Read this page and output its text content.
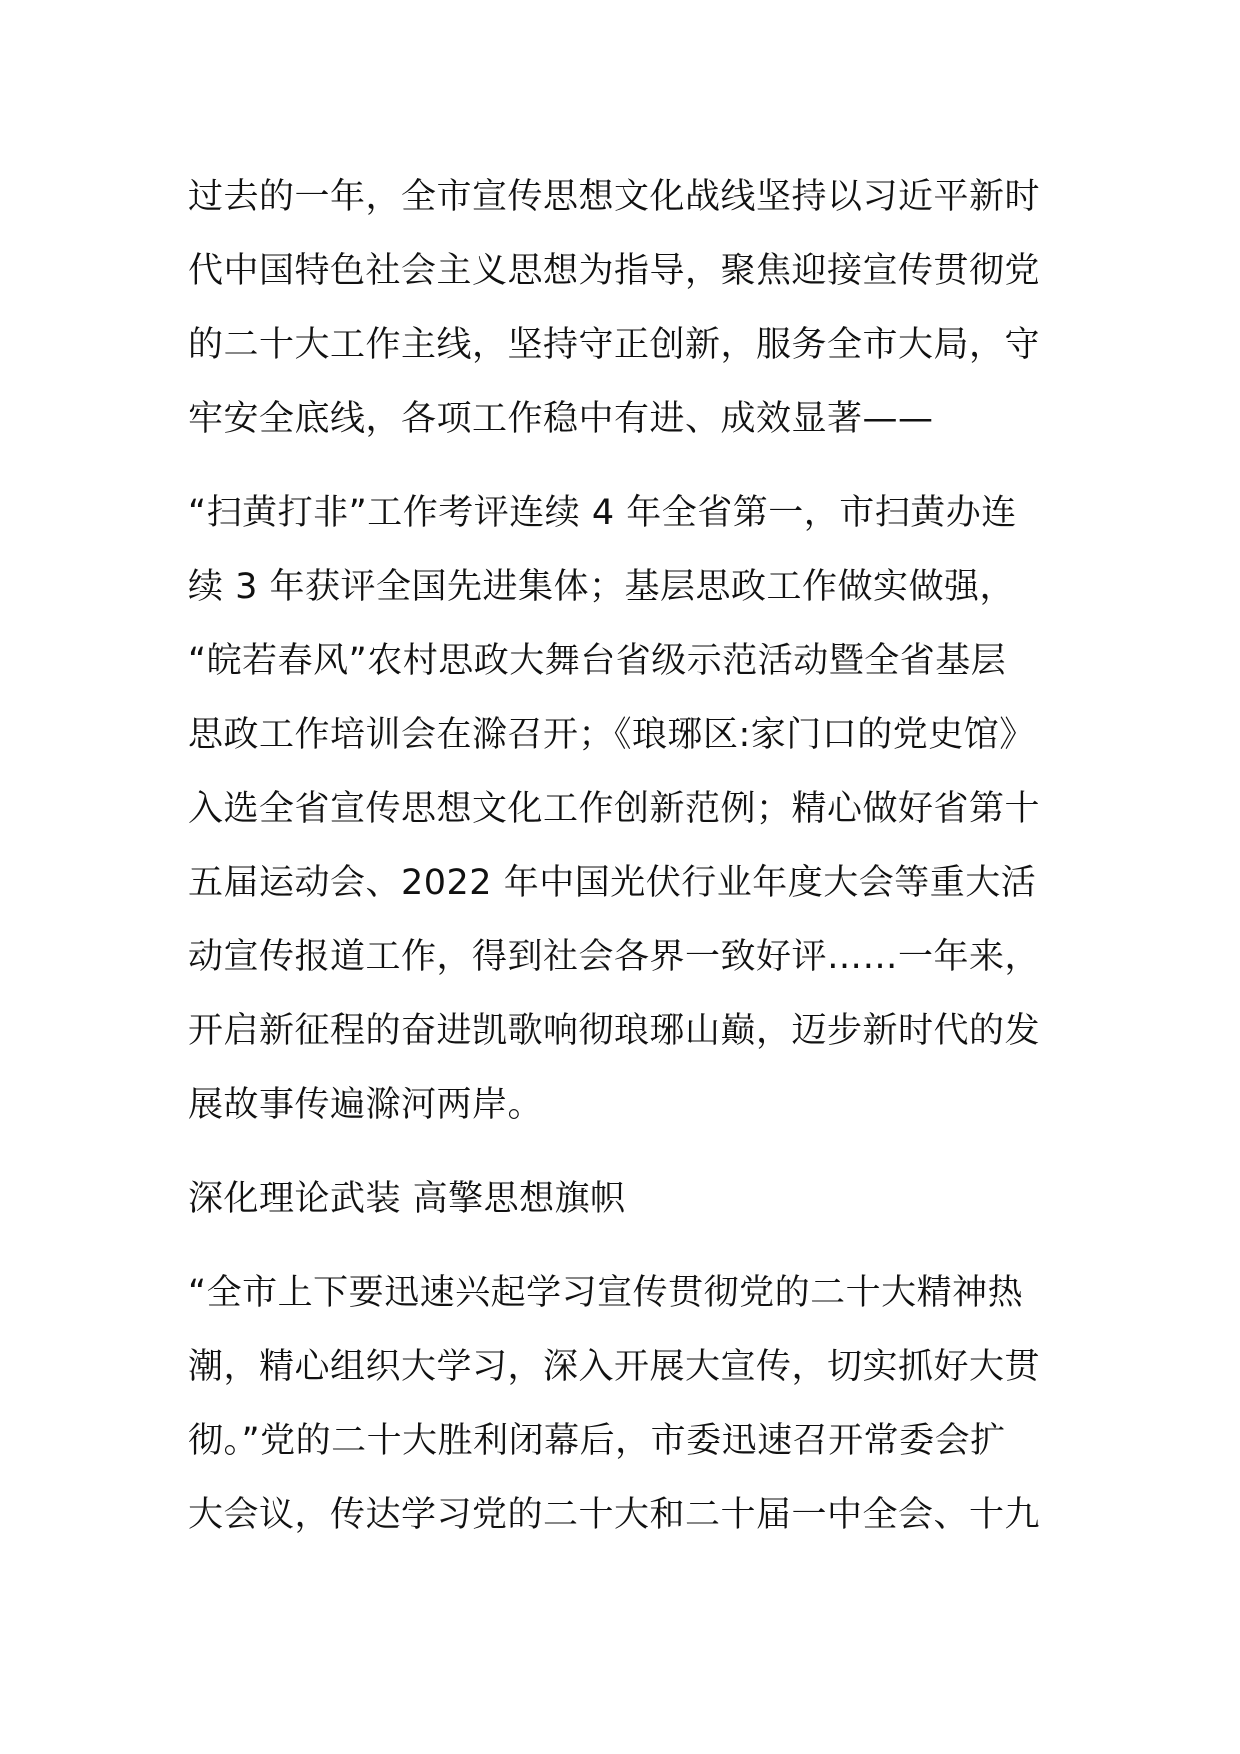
过去的一年，全市宣传思想文化战线坚持以习近平新时
代中国特色社会主义思想为指导，聚焦迎接宣传贯彻党
的二十大工作主线，坚持守正创新，服务全市大局，守
牢安全底线，各项工作稳中有进、成效显著——
“扫黄打非”工作考评连续 4 年全省第一，市扫黄办连
续 3 年获评全国先进集体；基层思政工作做实做强，
“皖若春风”农村思政大舞台省级示范活动暨全省基层
思政工作培训会在滁召开；《琅琊区:家门口的党史馆》
入选全省宣传思想文化工作创新范例；精心做好省第十
五届运动会、2022 年中国光伏行业年度大会等重大活
动宣传报道工作，得到社会各界一致好评……一年来，
开启新征程的奋进凯歌响彻琅琊山巅，迈步新时代的发
展故事传遍滁河两岸。
深化理论武装 高擎思想旗帜
“全市上下要迅速兴起学习宣传贯彻党的二十大精神热
潮，精心组织大学习，深入开展大宣传，切实抓好大贯
彻。”党的二十大胜利闭幕后，市委迅速召开常委会扩
大会议，传达学习党的二十大和二十届一中全会、十九
